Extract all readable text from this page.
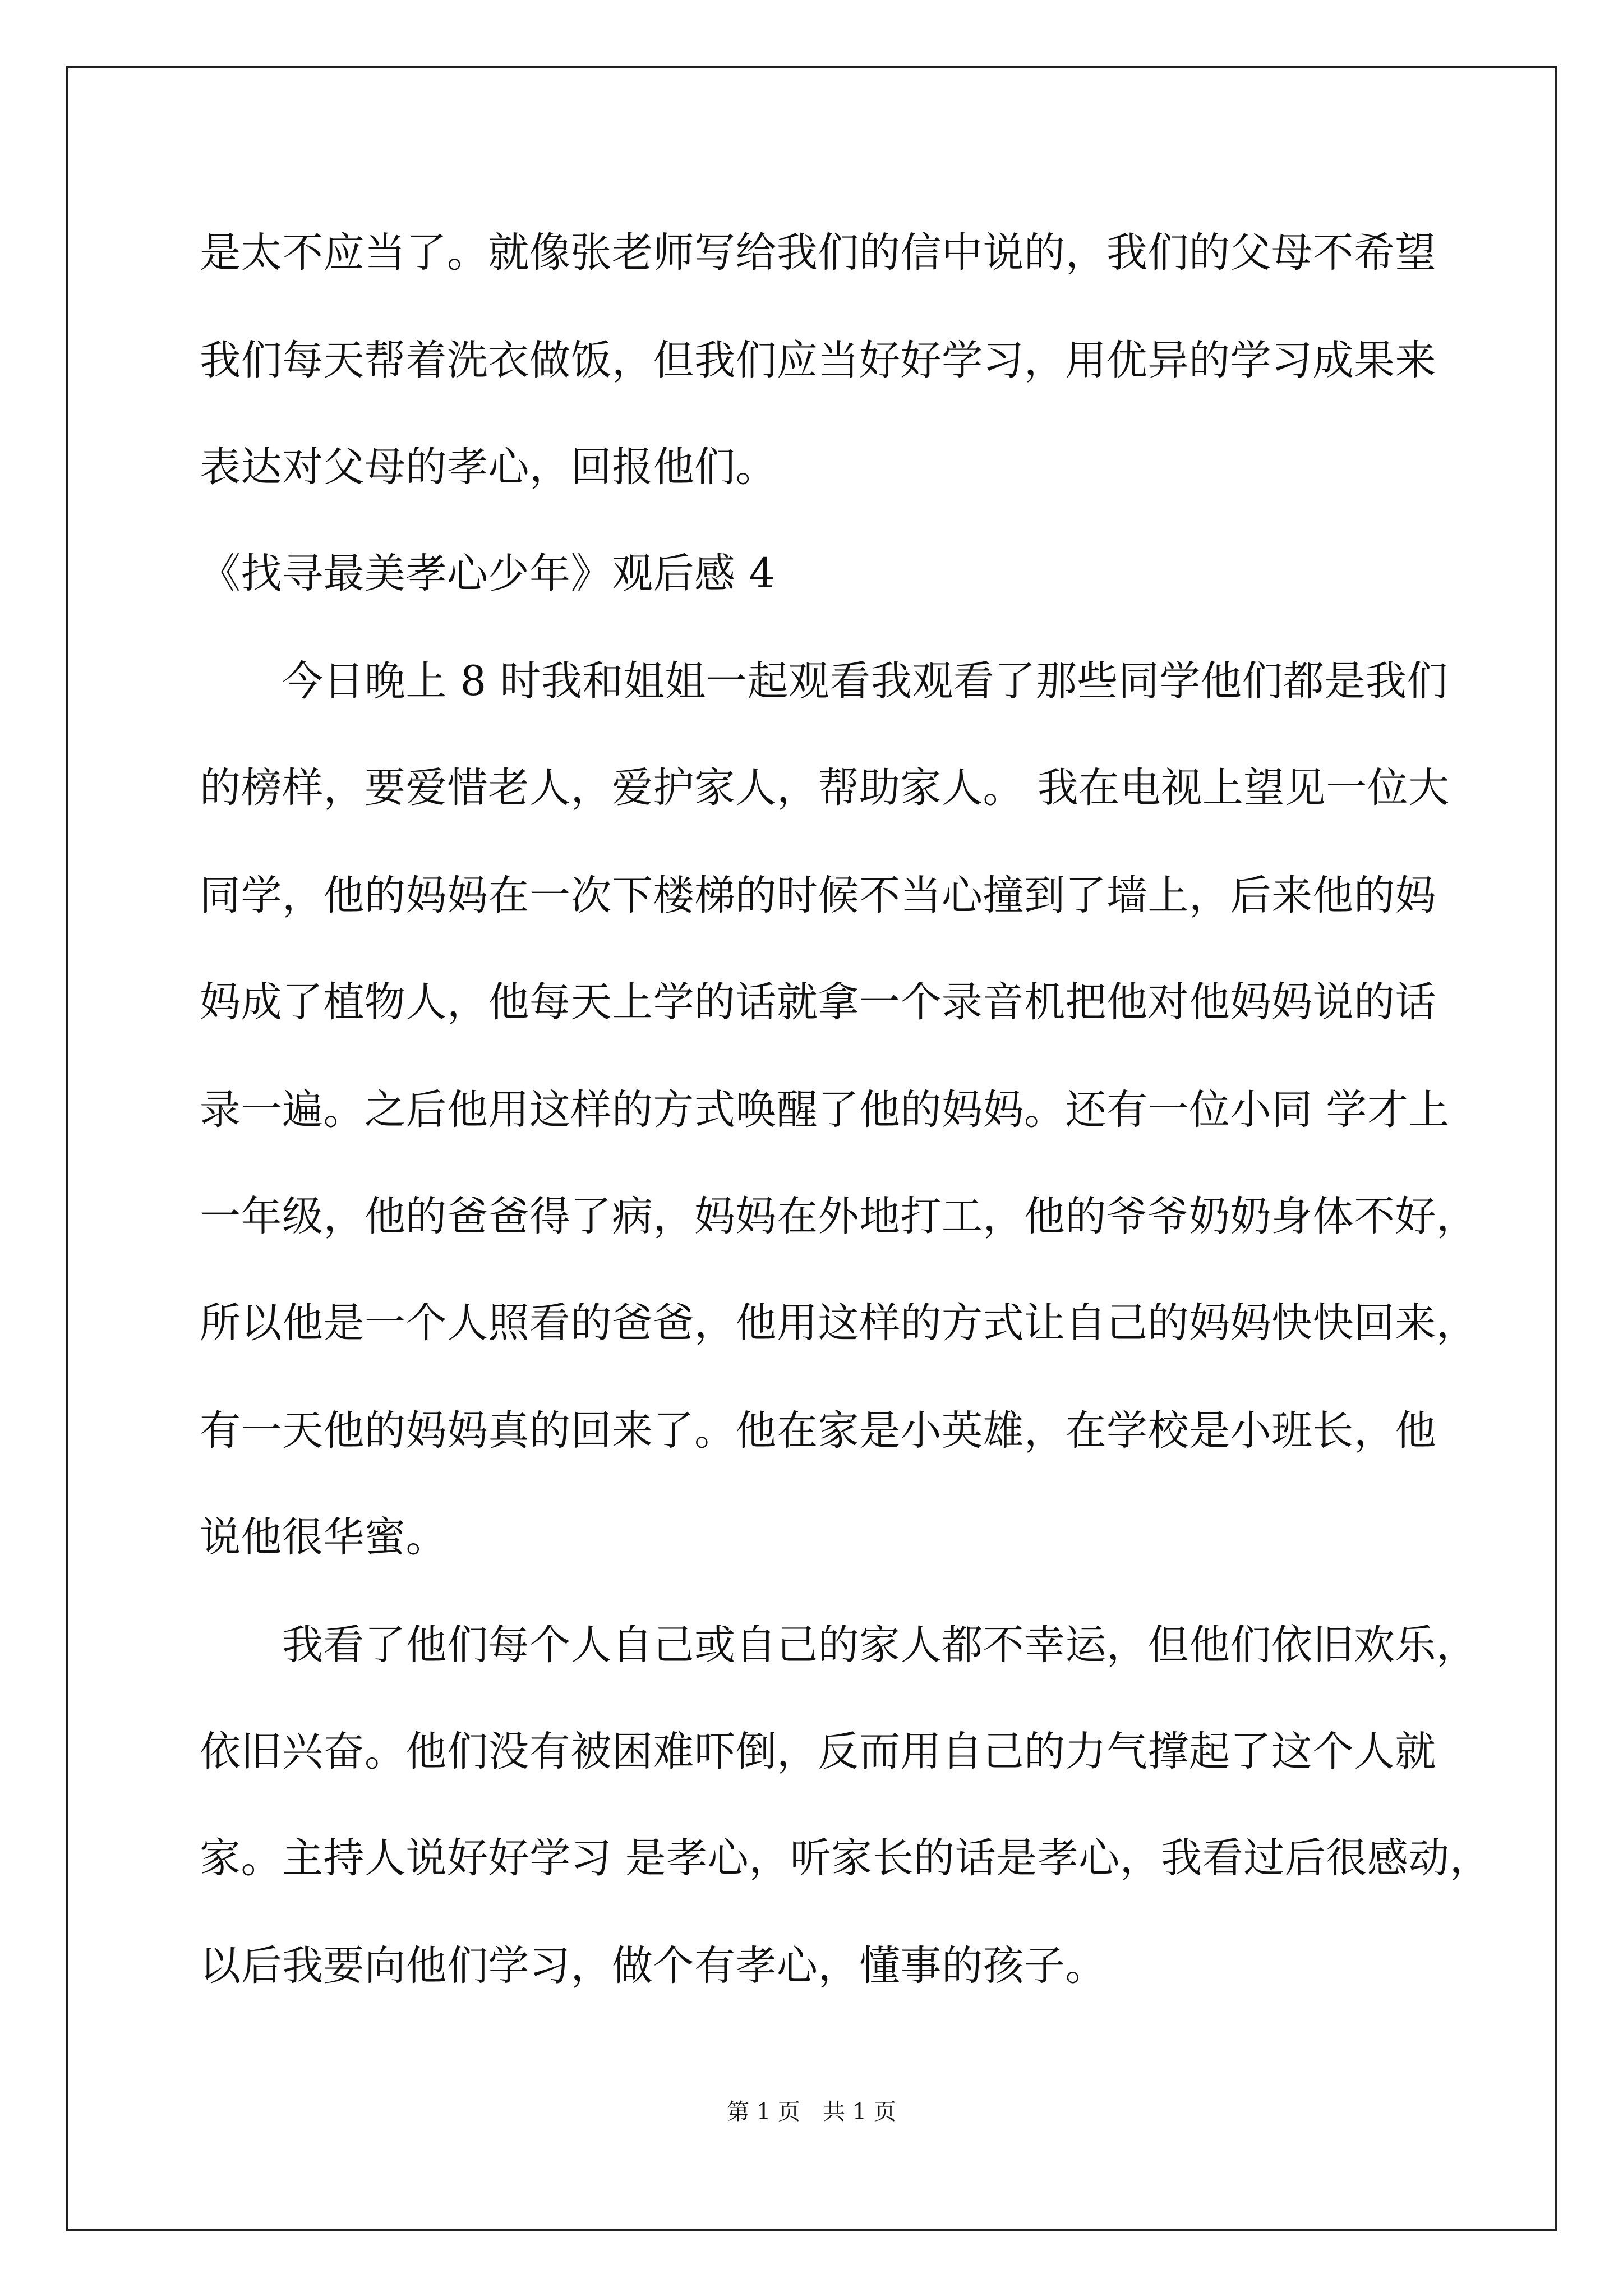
是太不应当了。就像张老师写给我们的信中说的，我们的父母不希望

我们每天帮着洗衣做饭，但我们应当好好学习，用优异的学习成果来

表达对父母的孝心，回报他们。

《找寻最美孝心少年》观后感 4

　　今日晚上 8 时我和姐姐一起观看我观看了那些同学他们都是我们

的榜样，要爱惜老人，爱护家人，帮助家人。 我在电视上望见一位大

同学，他的妈妈在一次下楼梯的时候不当心撞到了墙上，后来他的妈

妈成了植物人，他每天上学的话就拿一个录音机把他对他妈妈说的话

录一遍。之后他用这样的方式唤醒了他的妈妈。还有一位小同 学才上

一年级，他的爸爸得了病，妈妈在外地打工，他的爷爷奶奶身体不好，

所以他是一个人照看的爸爸，他用这样的方式让自己的妈妈快快回来，

有一天他的妈妈真的回来了。他在家是小英雄，在学校是小班长，他

说他很华蜜。

　　我看了他们每个人自己或自己的家人都不幸运，但他们依旧欢乐，

依旧兴奋。他们没有被困难吓倒，反而用自己的力气撑起了这个人就

家。主持人说好好学习 是孝心，听家长的话是孝心，我看过后很感动，

以后我要向他们学习，做个有孝心，懂事的孩子。

第 1 页　共 1 页
